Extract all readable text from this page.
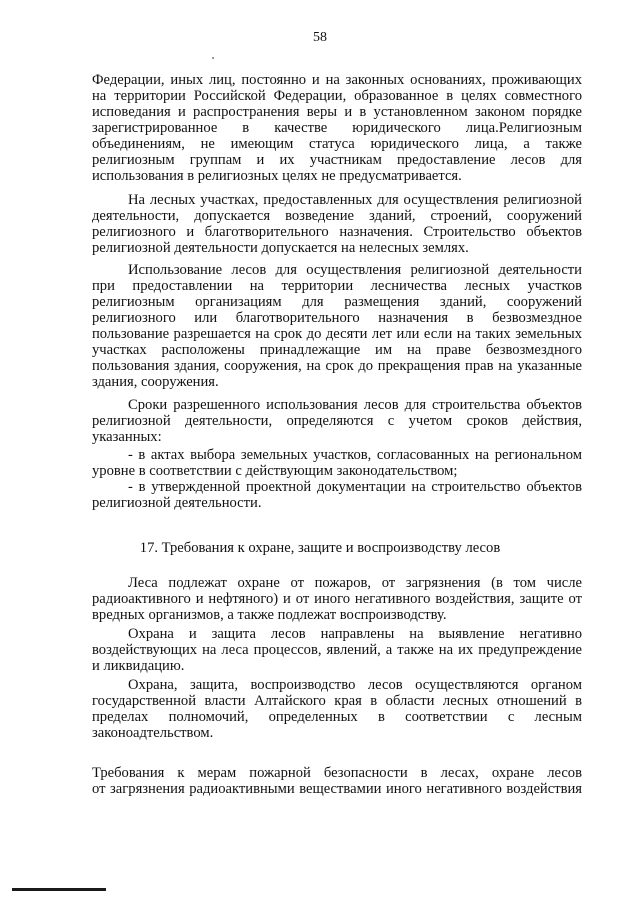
58
Федерации, иных лиц, постоянно и на законных основаниях, проживающих
на территории Российской Федерации, образованное в целях совместного
исповедания и распространения веры и в установленном законом порядке
зарегистрированное в качестве юридического лица.Религиозным
объединениям, не имеющим статуса юридического лица, а также
религиозным группам и их участникам предоставление лесов для
использования в религиозных целях не предусматривается.
На лесных участках, предоставленных для осуществления религиозной
деятельности, допускается возведение зданий, строений, сооружений
религиозного и благотворительного назначения. Строительство объектов
религиозной деятельности допускается на нелесных землях.
Использование лесов для осуществления религиозной деятельности
при предоставлении на территории лесничества лесных участков
религиозным организациям для размещения зданий, сооружений
религиозного или благотворительного назначения в безвозмездное
пользование разрешается на срок до десяти лет или если на таких земельных
участках расположены принадлежащие им на праве безвозмездного
пользования здания, сооружения, на срок до прекращения прав на указанные
здания, сооружения.
Сроки разрешенного использования лесов для строительства объектов
религиозной деятельности, определяются с учетом сроков действия,
указанных:
- в актах выбора земельных участков, согласованных на региональном
уровне в соответствии с действующим законодательством;
- в утвержденной проектной документации на строительство объектов
религиозной деятельности.
17. Требования к охране, защите и воспроизводству лесов
Леса подлежат охране от пожаров, от загрязнения (в том числе
радиоактивного и нефтяного) и от иного негативного воздействия, защите от
вредных организмов, а также подлежат воспроизводству.
Охрана и защита лесов направлены на выявление негативно
воздействующих на леса процессов, явлений, а также на их предупреждение
и ликвидацию.
Охрана, защита, воспроизводство лесов осуществляются органом
государственной власти Алтайского края в области лесных отношений в
пределах полномочий, определенных в соответствии с лесным
законоадтельством.
Требования к мерам пожарной безопасности в лесах, охране лесов
от загрязнения радиоактивными веществамии иного негативного воздействия
